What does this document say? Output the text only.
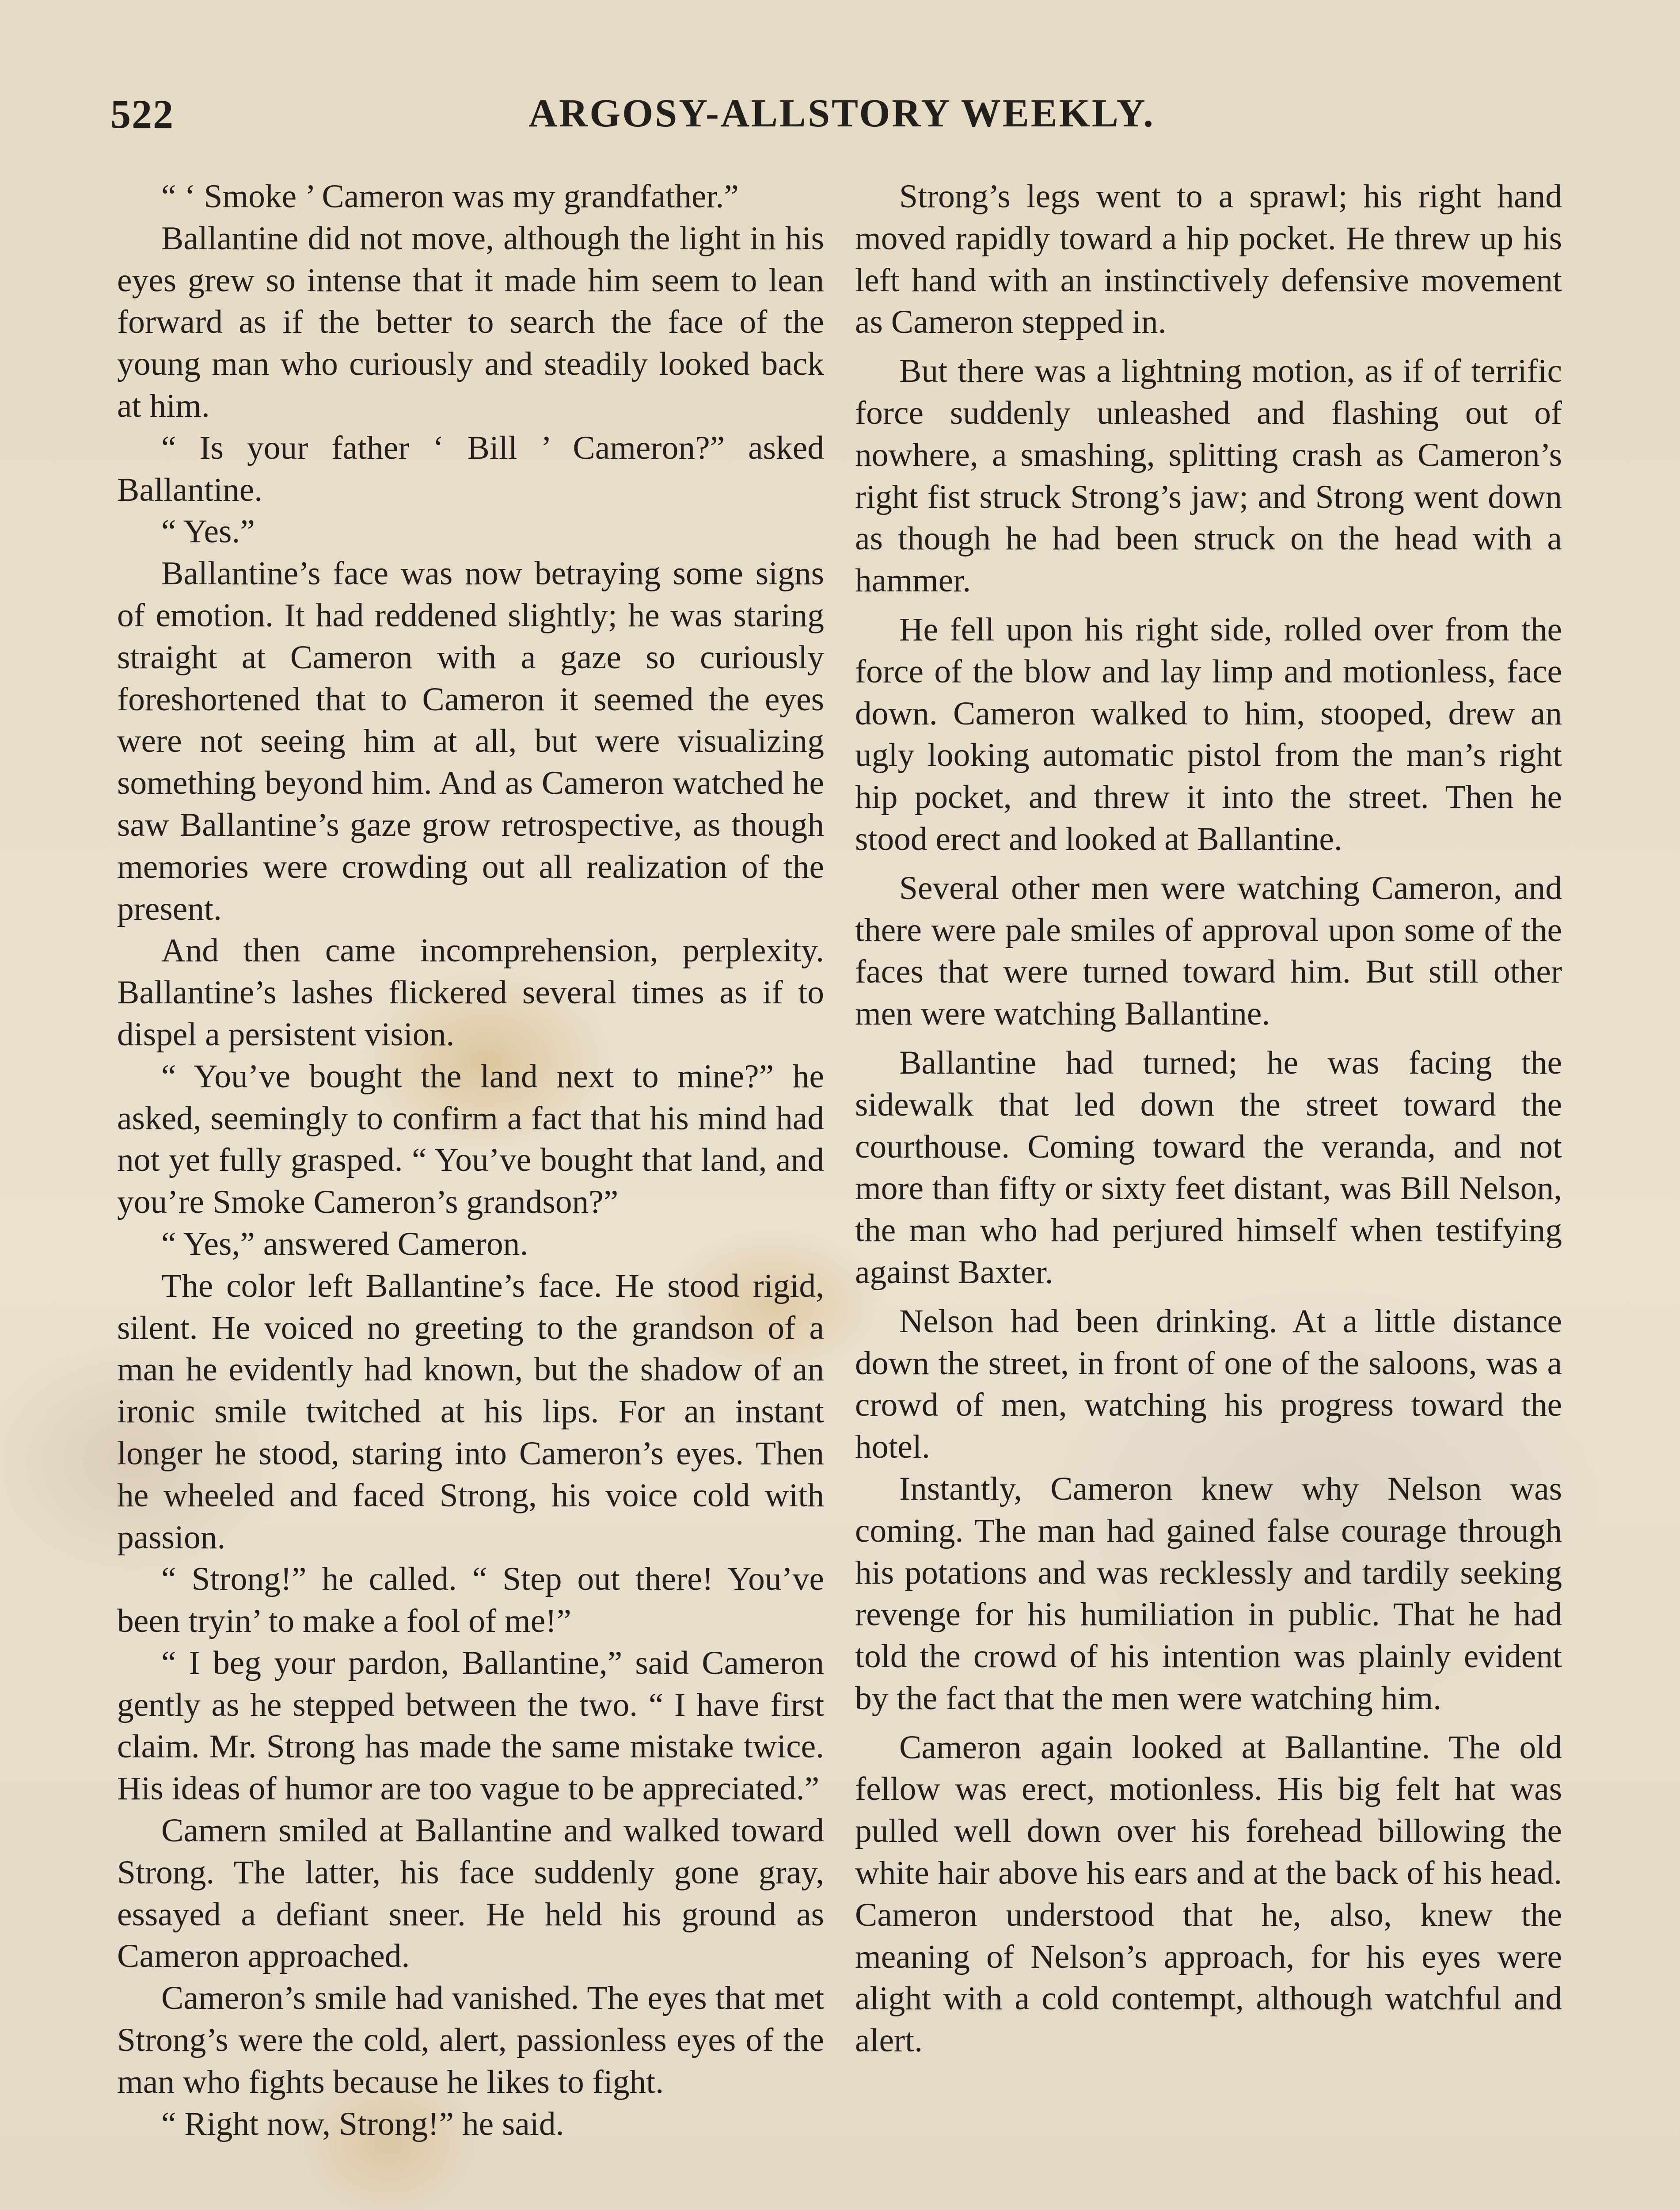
522	ARGOSY-ALLSTORY WEEKLY.

“ ‘ Smoke ’ Cameron was my grandfather.”

Ballantine did not move, although the light in his eyes grew so intense that it made him seem to lean forward as if the better to search the face of the young man who curiously and steadily looked back at him.

“ Is your father ‘ Bill ’ Cameron?” asked Ballantine.

“ Yes.”

Ballantine’s face was now betraying some signs of emotion. It had reddened slightly; he was staring straight at Cameron with a gaze so curiously foreshortened that to Cameron it seemed the eyes were not seeing him at all, but were visualizing something beyond him. And as Cameron watched he saw Ballantine’s gaze grow retrospective, as though memories were crowding out all realization of the present.

And then came incomprehension, perplexity. Ballantine’s lashes flickered several times as if to dispel a persistent vision.

“ You’ve bought the land next to mine?” he asked, seemingly to confirm a fact that his mind had not yet fully grasped. “ You’ve bought that land, and you’re Smoke Cameron’s grandson?”

“ Yes,” answered Cameron.

The color left Ballantine’s face. He stood rigid, silent. He voiced no greeting to the grandson of a man he evidently had known, but the shadow of an ironic smile twitched at his lips. For an instant longer he stood, staring into Cameron’s eyes. Then he wheeled and faced Strong, his voice cold with passion.

“ Strong!” he called. “ Step out there! You’ve been tryin’ to make a fool of me!”

“ I beg your pardon, Ballantine,” said Cameron gently as he stepped between the two. “ I have first claim. Mr. Strong has made the same mistake twice. His ideas of humor are too vague to be appreciated.”

Camern smiled at Ballantine and walked toward Strong. The latter, his face suddenly gone gray, essayed a defiant sneer. He held his ground as Cameron approached.

Cameron’s smile had vanished. The eyes that met Strong’s were the cold, alert, passionless eyes of the man who fights because he likes to fight.

“ Right now, Strong!” he said.

Strong’s legs went to a sprawl; his right hand moved rapidly toward a hip pocket. He threw up his left hand with an instinctively defensive movement as Cameron stepped in.

But there was a lightning motion, as if of terrific force suddenly unleashed and flashing out of nowhere, a smashing, splitting crash as Cameron’s right fist struck Strong’s jaw; and Strong went down as though he had been struck on the head with a hammer.

He fell upon his right side, rolled over from the force of the blow and lay limp and motionless, face down. Cameron walked to him, stooped, drew an ugly looking automatic pistol from the man’s right hip pocket, and threw it into the street. Then he stood erect and looked at Ballantine.

Several other men were watching Cameron, and there were pale smiles of approval upon some of the faces that were turned toward him. But still other men were watching Ballantine.

Ballantine had turned; he was facing the sidewalk that led down the street toward the courthouse. Coming toward the veranda, and not more than fifty or sixty feet distant, was Bill Nelson, the man who had perjured himself when testifying against Baxter.

Nelson had been drinking. At a little distance down the street, in front of one of the saloons, was a crowd of men, watching his progress toward the hotel.

Instantly, Cameron knew why Nelson was coming. The man had gained false courage through his potations and was recklessly and tardily seeking revenge for his humiliation in public. That he had told the crowd of his intention was plainly evident by the fact that the men were watching him.

Cameron again looked at Ballantine. The old fellow was erect, motionless. His big felt hat was pulled well down over his forehead billowing the white hair above his ears and at the back of his head. Cameron understood that he, also, knew the meaning of Nelson’s approach, for his eyes were alight with a cold contempt, although watchful and alert.
